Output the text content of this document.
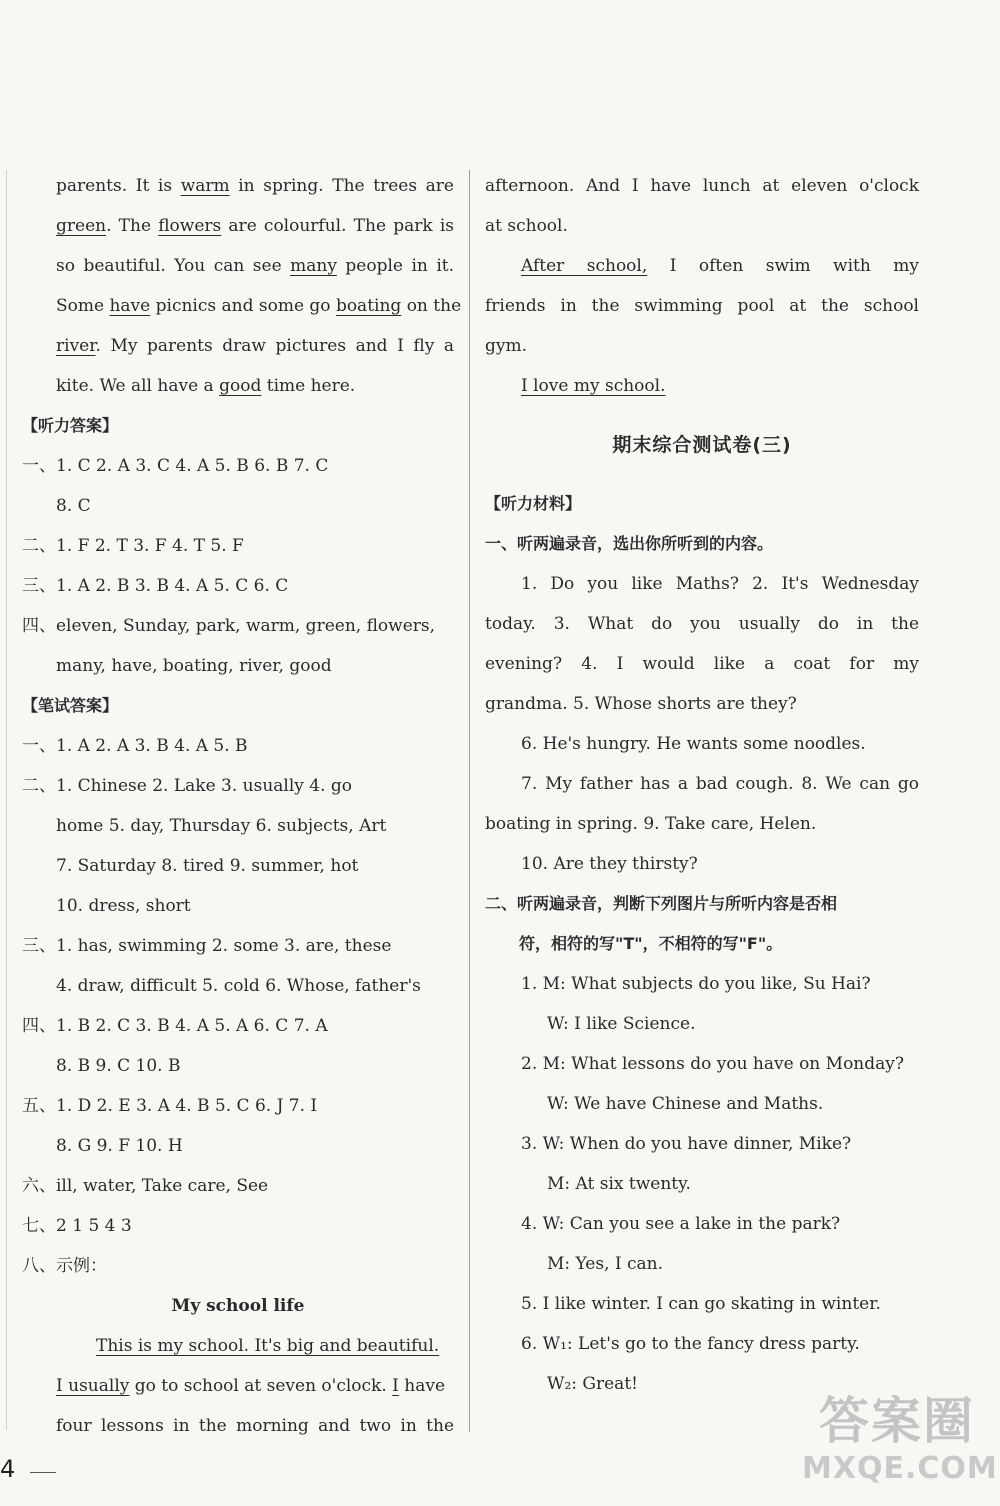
parents. It is warm in spring. The trees are
green. The flowers are colourful. The park is
so beautiful. You can see many people in it.
Some have picnics and some go boating on the
river. My parents draw pictures and I fly a
kite. We all have a good time here.
【听力答案】
一、1. C 2. A 3. C 4. A 5. B 6. B 7. C
8. C
二、1. F 2. T 3. F 4. T 5. F
三、1. A 2. B 3. B 4. A 5. C 6. C
四、eleven, Sunday, park, warm, green, flowers,
many, have, boating, river, good
【笔试答案】
一、1. A 2. A 3. B 4. A 5. B
二、1. Chinese 2. Lake 3. usually 4. go
home 5. day, Thursday 6. subjects, Art
7. Saturday 8. tired 9. summer, hot
10. dress, short
三、1. has, swimming 2. some 3. are, these
4. draw, difficult 5. cold 6. Whose, father's
四、1. B 2. C 3. B 4. A 5. A 6. C 7. A
8. B 9. C 10. B
五、1. D 2. E 3. A 4. B 5. C 6. J 7. I
8. G 9. F 10. H
六、ill, water, Take care, See
七、2 1 5 4 3
八、示例：
My school life
This is my school. It's big and beautiful.
I usually go to school at seven o'clock. I have
four lessons in the morning and two in the
afternoon. And I have lunch at eleven o'clock
at school.
After school, I often swim with my
friends in the swimming pool at the school
gym.
I love my school.
期末综合测试卷(三)
【听力材料】
一、听两遍录音，选出你所听到的内容。
1. Do you like Maths? 2. It's Wednesday
today. 3. What do you usually do in the
evening? 4. I would like a coat for my
grandma. 5. Whose shorts are they?
6. He's hungry. He wants some noodles.
7. My father has a bad cough. 8. We can go
boating in spring. 9. Take care, Helen.
10. Are they thirsty?
二、听两遍录音，判断下列图片与所听内容是否相
符，相符的写"T"，不相符的写"F"。
1. M: What subjects do you like, Su Hai?
W: I like Science.
2. M: What lessons do you have on Monday?
W: We have Chinese and Maths.
3. W: When do you have dinner, Mike?
M: At six twenty.
4. W: Can you see a lake in the park?
M: Yes, I can.
5. I like winter. I can go skating in winter.
6. W₁: Let's go to the fancy dress party.
W₂: Great!
4
答案圈
MXQE.COM
